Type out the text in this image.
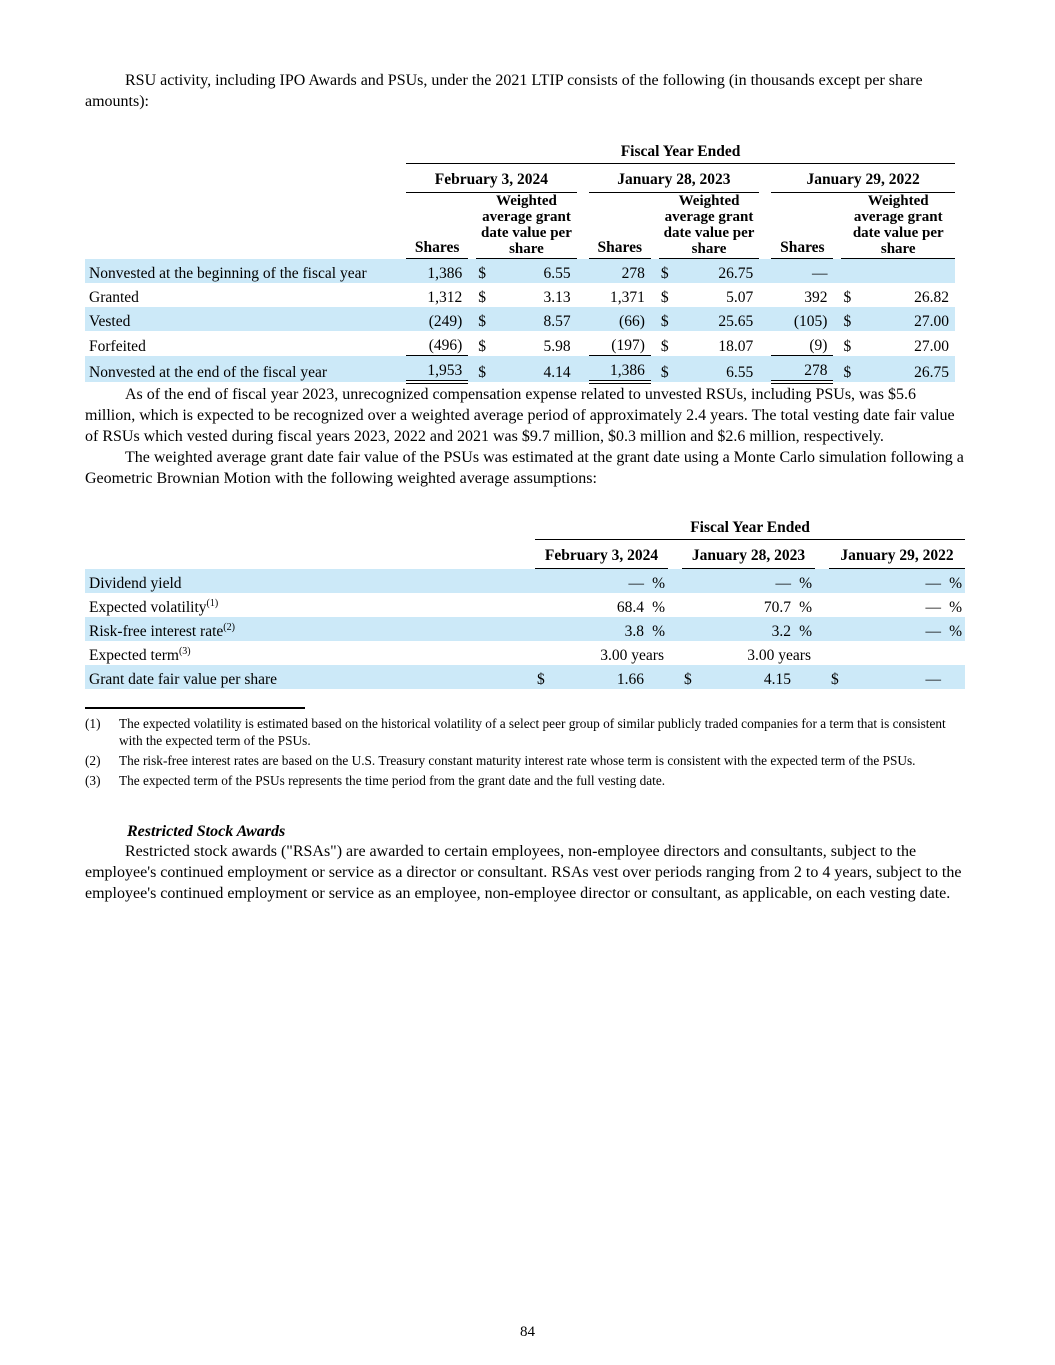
RSU activity, including IPO Awards and PSUs, under the 2021 LTIP consists of the following (in thousands except per share amounts):

	Fiscal Year Ended													
	February 3, 2024					January 28, 2023					January 29, 2022			
	Shares		Weighted average grant date value per share			Shares		Weighted average grant date value per share			Shares		Weighted average grant date value per share	
Nonvested at the beginning of the fiscal year	1,386		$	6.55		278		$	26.75		—			
Granted	1,312		$	3.13		1,371		$	5.07		392		$	26.82
Vested	(249)		$	8.57		(66)		$	25.65		(105)		$	27.00
Forfeited	(496)		$	5.98		(197)		$	18.07		(9)		$	27.00
Nonvested at the end of the fiscal year	1,953		$	4.14		1,386		$	6.55		278		$	26.75

As of the end of fiscal year 2023, unrecognized compensation expense related to unvested RSUs, including PSUs, was $5.6 million, which is expected to be recognized over a weighted average period of approximately 2.4 years. The total vesting date fair value of RSUs which vested during fiscal years 2023, 2022 and 2021 was $9.7 million, $0.3 million and $2.6 million, respectively.

The weighted average grant date fair value of the PSUs was estimated at the grant date using a Monte Carlo simulation following a Geometric Brownian Motion with the following weighted average assumptions:

	Fiscal Year Ended										
	February 3, 2024				January 28, 2023				January 29, 2022		
Dividend yield		—	%			—	%			—	%
Expected volatility$^{(1)}$		68.4	%			70.7	%			—	%
Risk-free interest rate$^{(2)}$		3.8	%			3.2	%			—	%
Expected term$^{(3)}$		3.00 years				3.00 years					
Grant date fair value per share	$	1.66			$	4.15			$	—	
(1)	The expected volatility is estimated based on the historical volatility of a select peer group of similar publicly traded companies for a term that is consistent with the expected term of the PSUs.
(2)	The risk-free interest rates are based on the U.S. Treasury constant maturity interest rate whose term is consistent with the expected term of the PSUs.
(3)	The expected term of the PSUs represents the time period from the grant date and the full vesting date.
Restricted Stock Awards

Restricted stock awards ("RSAs") are awarded to certain employees, non-employee directors and consultants, subject to the employee's continued employment or service as a director or consultant. RSAs vest over periods ranging from 2 to 4 years, subject to the employee's continued employment or service as an employee, non-employee director or consultant, as applicable, on each vesting date.

84
